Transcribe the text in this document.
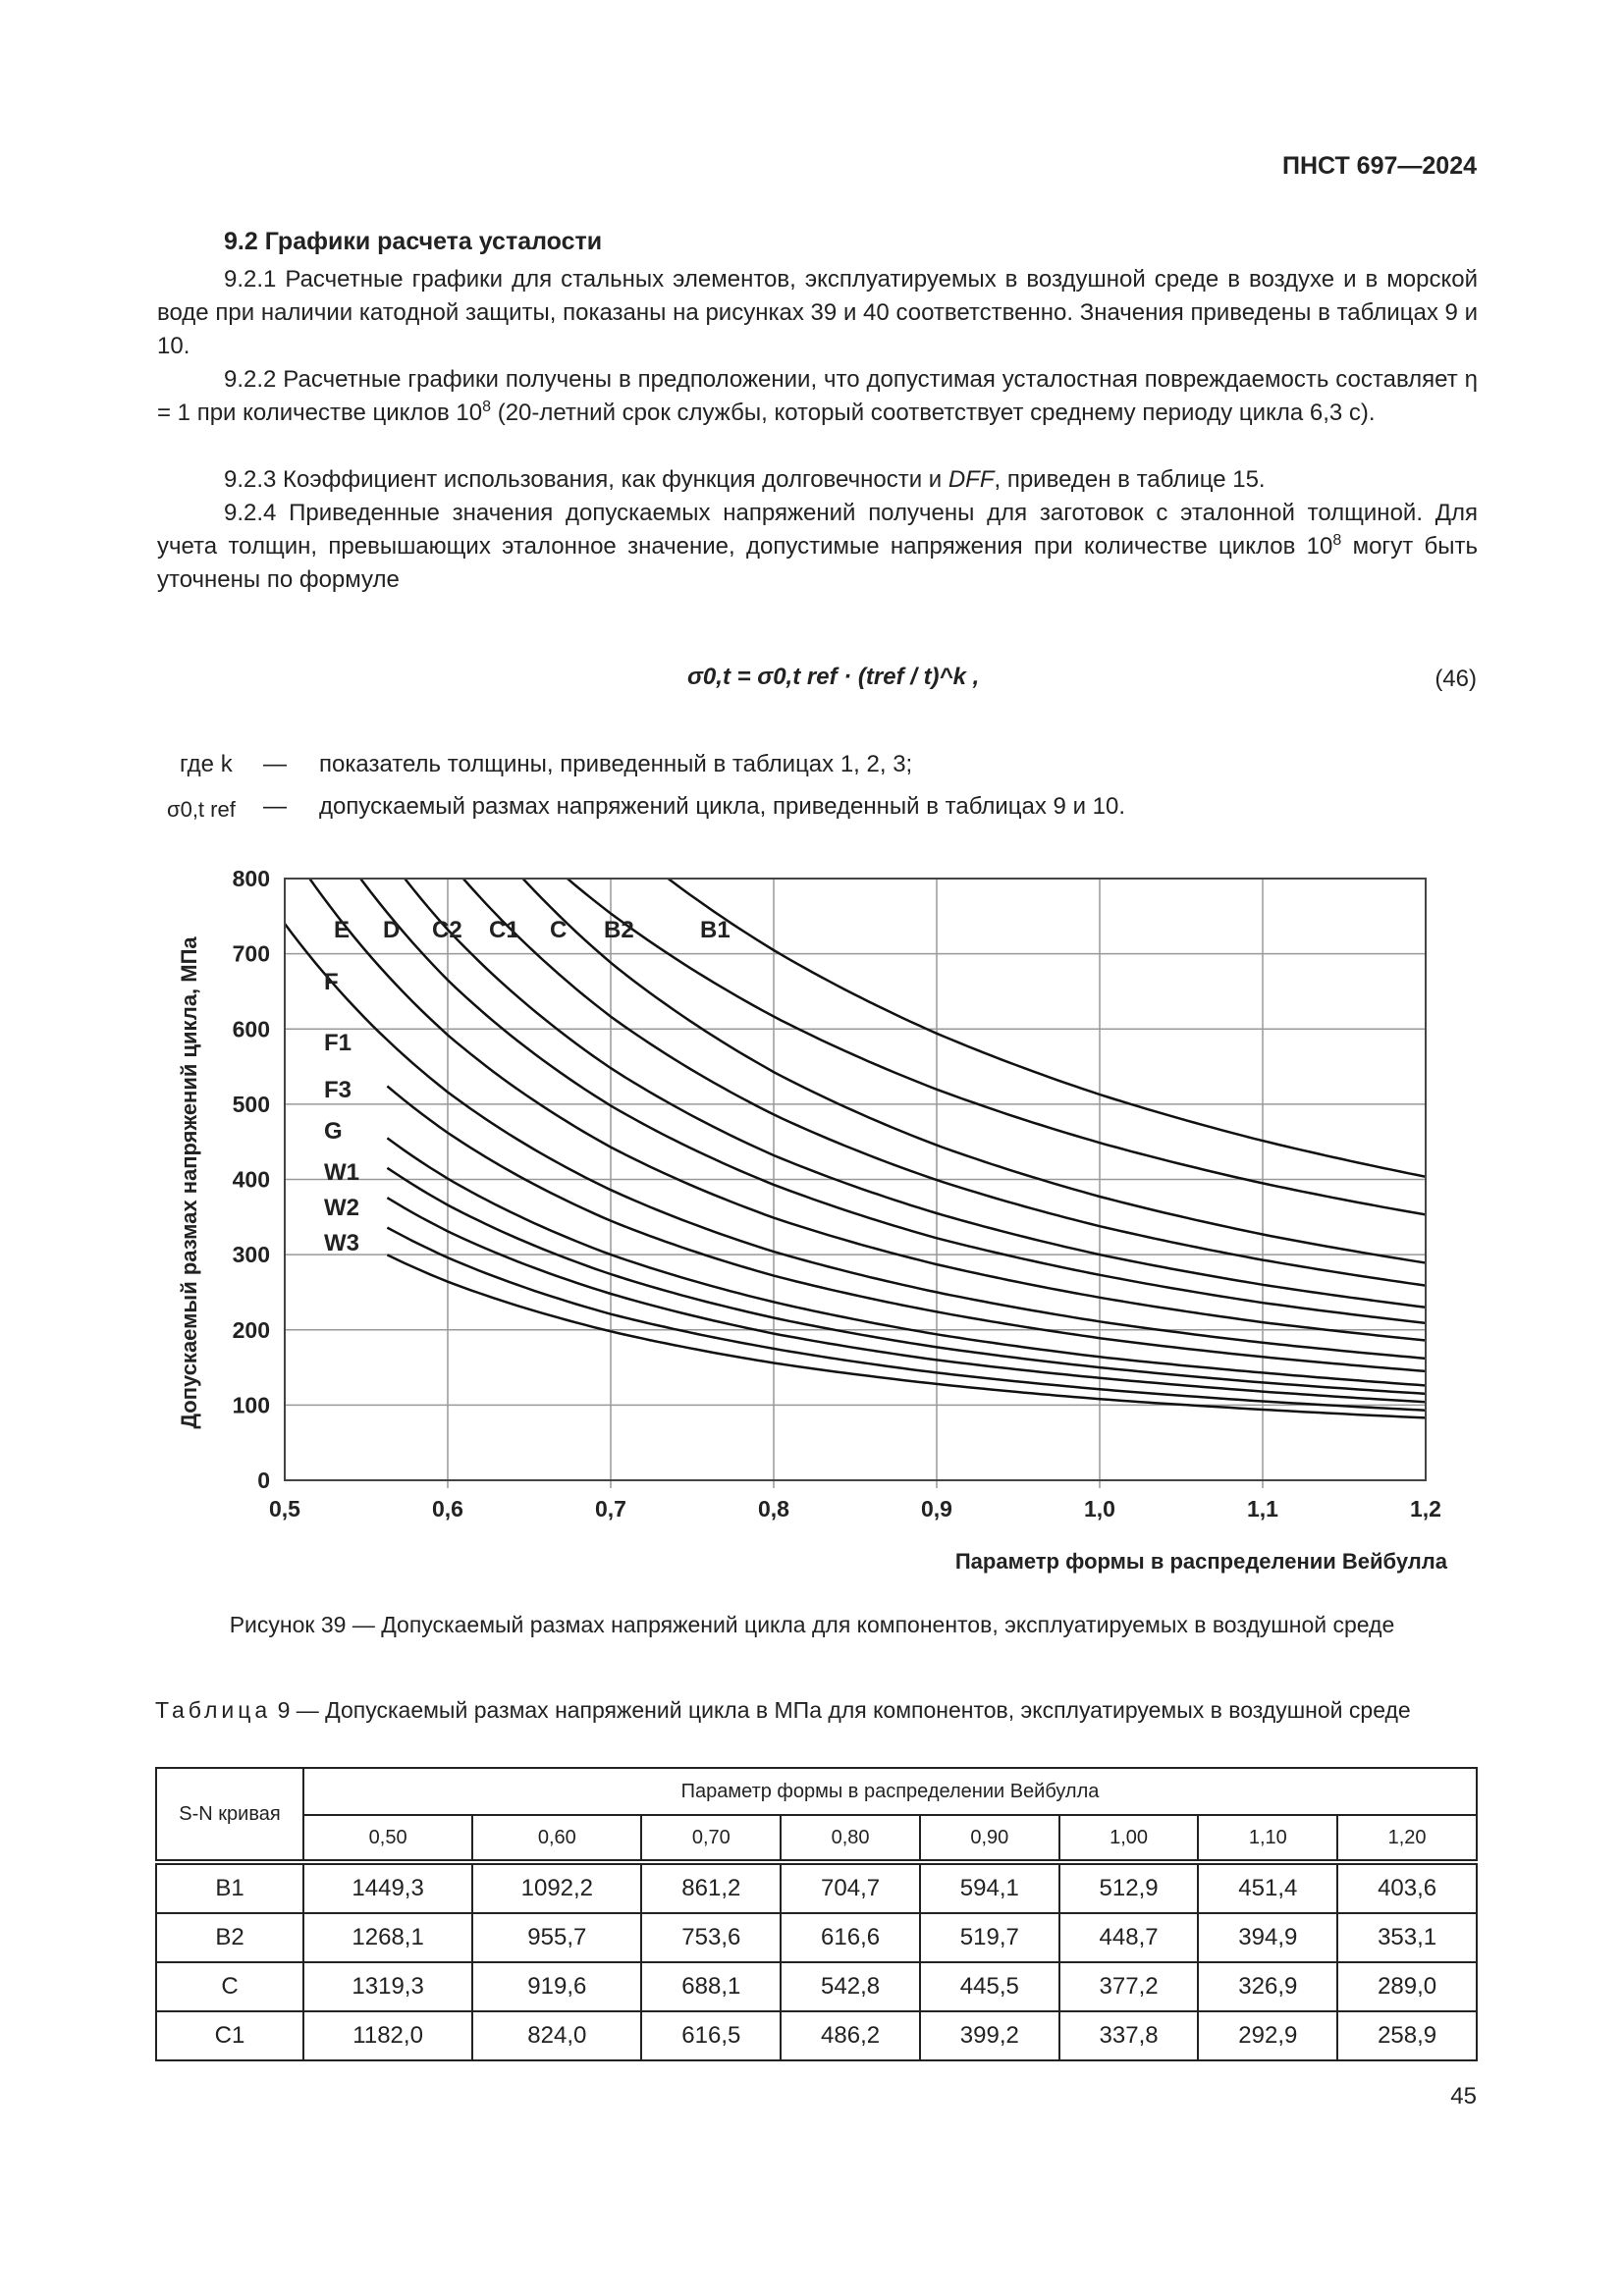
ПНСТ 697—2024
9.2 Графики расчета усталости
9.2.1 Расчетные графики для стальных элементов, эксплуатируемых в воздушной среде в воздухе и в морской воде при наличии катодной защиты, показаны на рисунках 39 и 40 соответственно. Значения приведены в таблицах 9 и 10.
9.2.2 Расчетные графики получены в предположении, что допустимая усталостная повреждаемость составляет η = 1 при количестве циклов $10^8$ (20-летний срок службы, который соответствует среднему периоду цикла 6,3 с).
9.2.3 Коэффициент использования, как функция долговечности и DFF, приведен в таблице 15.
9.2.4 Приведенные значения допускаемых напряжений получены для заготовок с эталонной толщиной. Для учета толщин, превышающих эталонное значение, допустимые напряжения при количестве циклов $10^8$ могут быть уточнены по формуле
σ0,t = σ0,t ref · (tref / t)^k ,	(46)
где k — показатель толщины, приведенный в таблицах 1, 2, 3;
σ0,t ref — допускаемый размах напряжений цикла, приведенный в таблицах 9 и 10.
0
100
200
300
400
500
600
700
800
0,5	0,6	0,7	0,8	0,9	1,0	1,1	1,2
B1
B2
C
C1
C2
D
E
F
F1
F3
G
W1
W2
W3
Допускаемый размах напряжений цикла, МПа
Параметр формы в распределении Вейбулла
Рисунок 39 — Допускаемый размах напряжений цикла для компонентов, эксплуатируемых в воздушной среде
Таблица 9 — Допускаемый размах напряжений цикла в МПа для компонентов, эксплуатируемых в воздушной среде
S-N кривая	Параметр формы в распределении Вейбулла							
	0,50	0,60	0,70	0,80	0,90	1,00	1,10	1,20
B1	1449,3	1092,2	861,2	704,7	594,1	512,9	451,4	403,6
B2	1268,1	955,7	753,6	616,6	519,7	448,7	394,9	353,1
C	1319,3	919,6	688,1	542,8	445,5	377,2	326,9	289,0
C1	1182,0	824,0	616,5	486,2	399,2	337,8	292,9	258,9
45
